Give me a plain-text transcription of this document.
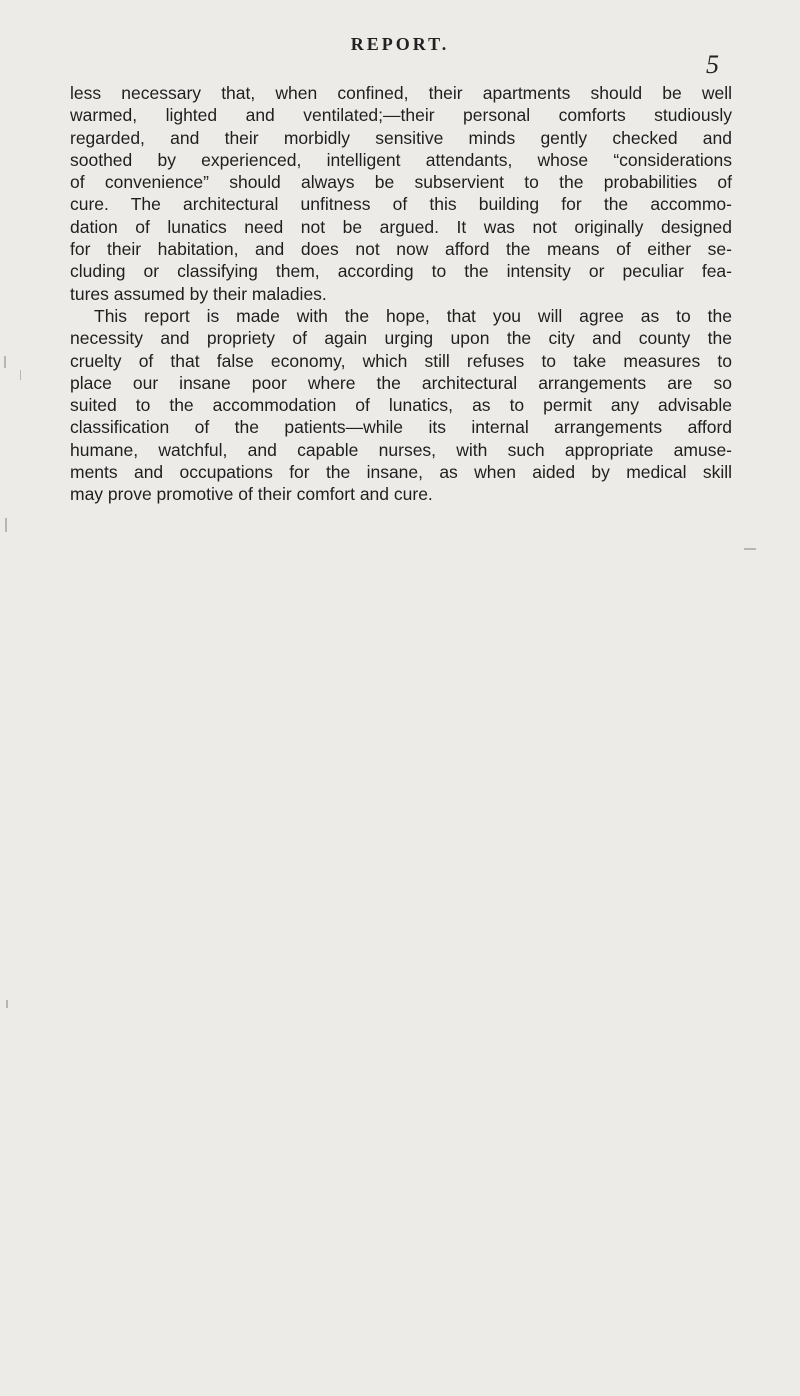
REPORT.
5
less necessary that, when confined, their apartments should be well
warmed, lighted and ventilated;—their personal comforts studiously
regarded, and their morbidly sensitive minds gently checked and
soothed by experienced, intelligent attendants, whose “considerations
of convenience” should always be subservient to the probabilities of
cure. The architectural unfitness of this building for the accommo-
dation of lunatics need not be argued. It was not originally designed
for their habitation, and does not now afford the means of either se-
cluding or classifying them, according to the intensity or peculiar fea-
tures assumed by their maladies.
This report is made with the hope, that you will agree as to the
necessity and propriety of again urging upon the city and county the
cruelty of that false economy, which still refuses to take measures to
place our insane poor where the architectural arrangements are so
suited to the accommodation of lunatics, as to permit any advisable
classification of the patients—while its internal arrangements afford
humane, watchful, and capable nurses, with such appropriate amuse-
ments and occupations for the insane, as when aided by medical skill
may prove promotive of their comfort and cure.
